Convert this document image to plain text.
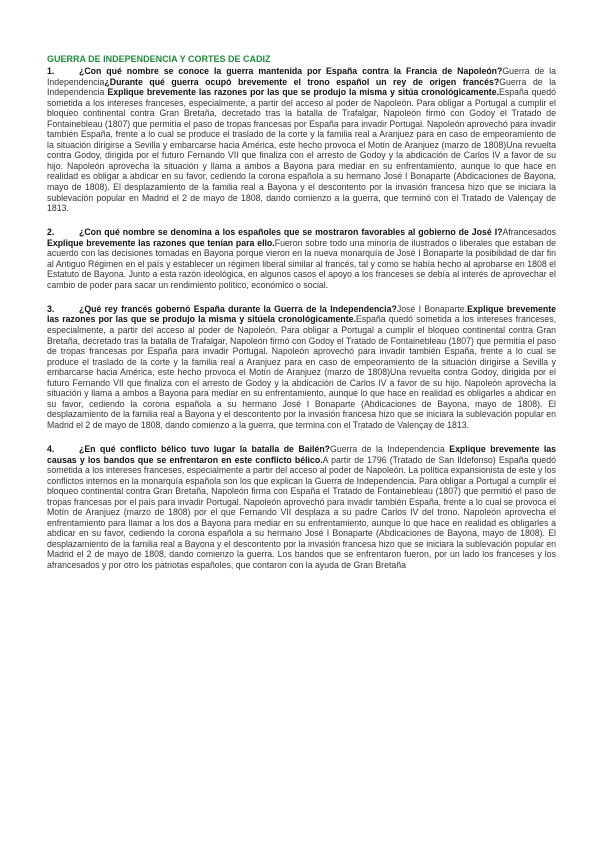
GUERRA DE INDEPENDENCIA Y CORTES DE CADIZ
1.	¿Con qué nombre se conoce la guerra mantenida por España contra la Francia de Napoleón?Guerra de la Independencia¿Durante qué guerra ocupó brevemente el trono español un rey de origen francés?Guerra de la Independencia Explique brevemente las razones por las que se produjo la misma y sitúa cronológicamente.España quedó sometida a los intereses franceses, especialmente, a partir del acceso al poder de Napoleón. Para obligar a Portugal a cumplir el bloqueo continental contra Gran Bretaña, decretado tras la batalla de Trafalgar, Napoleón firmó con Godoy el Tratado de Fontainebleau (1807) que permitía el paso de tropas francesas por España para invadir Portugal. Napoleón aprovechó para invadir también España, frente a lo cual se produce el traslado de la corte y la familia real a Aranjuez para en caso de empeoramiento de la situación dirigirse a Sevilla y embarcarse hacia América, este hecho provoca el Motín de Aranjuez (marzo de 1808)Una revuelta contra Godoy, dirigida por el futuro Fernando VII que finaliza con el arresto de Godoy y la abdicación de Carlos IV a favor de su hijo. Napoleón aprovecha la situación y llama a ambos a Bayona para mediar en su enfrentamiento, aunque lo que hace en realidad es obligar a abdicar en su favor, cediendo la corona española a su hermano José I Bonaparte (Abdicaciones de Bayona, mayo de 1808). El desplazamiento de la familia real a Bayona y el descontento por la invasión francesa hizo que se iniciara la sublevación popular en Madrid el 2 de mayo de 1808, dando comienzo a la guerra, que terminó con el Tratado de Valençay de 1813.
2.	¿Con qué nombre se denomina a los españoles que se mostraron favorables al gobierno de José I?Afrancesados Explique brevemente las razones que tenían para ello.Fueron sobre todo una minoría de ilustrados o liberales que estaban de acuerdo con las decisiones tomadas en Bayona porque vieron en la nueva monarquía de José I Bonaparte la posibilidad de dar fin al Antiguo Régimen en el país y establecer un régimen liberal similar al francés, tal y como se había hecho al aprobarse en 1808 el Estatuto de Bayona. Junto a esta razón ideológica, en algunos casos el apoyo a los franceses se debía al interés de aprovechar el cambio de poder para sacar un rendimiento político, económico o social.
3.	¿Qué rey francés gobernó España durante la Guerra de la Independencia?José I Bonaparte.Explique brevemente las razones por las que se produjo la misma y sitúela cronológicamente.España quedó sometida a los intereses franceses, especialmente, a partir del acceso al poder de Napoleón. Para obligar a Portugal a cumplir el bloqueo continental contra Gran Bretaña, decretado tras la batalla de Trafalgar, Napoleón firmó con Godoy el Tratado de Fontainebleau (1807) que permitía el paso de tropas francesas por España para invadir Portugal. Napoleón aprovechó para invadir también España, frente a lo cual se produce el traslado de la corte y la familia real a Aranjuez para en caso de empeoramiento de la situación dirigirse a Sevilla y embarcarse hacia América, este hecho provoca el Motín de Aranjuez (marzo de 1808)Una revuelta contra Godoy, dirigida por el futuro Fernando VII que finaliza con el arresto de Godoy y la abdicación de Carlos IV a favor de su hijo. Napoleón aprovecha la situación y llama a ambos a Bayona para mediar en su enfrentamiento, aunque lo que hace en realidad es obligarles a abdicar en su favor, cediendo la corona española a su hermano José I Bonaparte (Abdicaciones de Bayona, mayo de 1808). El desplazamiento de la familia real a Bayona y el descontento por la invasión francesa hizo que se iniciara la sublevación popular en Madrid el 2 de mayo de 1808, dando comienzo a la guerra, que termina con el Tratado de Valençay de 1813.
4.	¿En qué conflicto bélico tuvo lugar la batalla de Bailén?Guerra de la Independencia Explique brevemente las causas y los bandos que se enfrentaron en este conflicto bélico.A partir de 1796 (Tratado de San Ildefonso) España quedó sometida a los intereses franceses, especialmente a partir del acceso al poder de Napoleón. La política expansionista de este y los conflictos internos en la monarquía española son los que explican la Guerra de Independencia. Para obligar a Portugal a cumplir el bloqueo continental contra Gran Bretaña, Napoleón firma con España el Tratado de Fontainebleau (1807) que permitió el paso de tropas francesas por el país para invadir Portugal. Napoleón aprovechó para invadir también España, frente a lo cual se provoca el Motín de Aranjuez (marzo de 1808) por el que Fernando VII desplaza a su padre Carlos IV del trono. Napoleón aprovecha el enfrentamiento para llamar a los dos a Bayona para mediar en su enfrentamiento, aunque lo que hace en realidad es obligarles a abdicar en su favor, cediendo la corona española a su hermano José I Bonaparte (Abdicaciones de Bayona, mayo de 1808). El desplazamiento de la familia real a Bayona y el descontento por la invasión francesa hizo que se iniciara la sublevación popular en Madrid el 2 de mayo de 1808, dando comienzo la guerra. Los bandos que se enfrentaron fueron, por un lado los franceses y los afrancesados y por otro los patriotas españoles, que contaron con la ayuda de Gran Bretaña
